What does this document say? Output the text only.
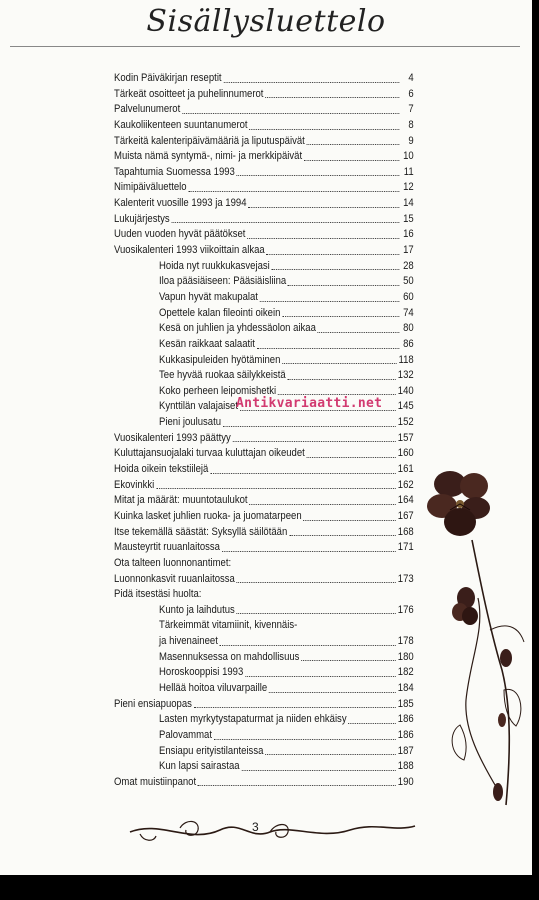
Sisällysluettelo
Kodin Päiväkirjan reseptit	4
Tärkeät osoitteet ja puhelinnumerot	6
Palvelunumerot	7
Kaukoliikenteen suuntanumerot	8
Tärkeitä kalenteripäivämääriä ja liputuspäivät	9
Muista nämä syntymä-, nimi- ja merkkipäivät	10
Tapahtumia Suomessa 1993	11
Nimipäiväluettelo	12
Kalenterit vuosille 1993 ja 1994	14
Lukujärjestys	15
Uuden vuoden hyvät päätökset	16
Vuosikalenteri 1993 viikoittain alkaa	17
Hoida nyt ruukkukasvejasi	28
Iloa pääsiäiseen: Pääsiäisliina	50
Vapun hyvät makupalat	60
Opettele kalan fileointi oikein	74
Kesä on juhlien ja yhdessäolon aikaa	80
Kesän raikkaat salaatit	86
Kukkasipuleiden hyötäminen	118
Tee hyvää ruokaa säilykkeistä	132
Koko perheen leipomishetki	140
Kynttilän valajaiset	145
Pieni joulusatu	152
Vuosikalenteri 1993 päättyy	157
Kuluttajansuojalaki turvaa kuluttajan oikeudet	160
Hoida oikein tekstiilejä	161
Ekovinkki	162
Mitat ja määrät: muuntotaulukot	164
Kuinka lasket juhlien ruoka- ja juomatarpeen	167
Itse tekemällä säästät: Syksyllä säilötään	168
Mausteyrtit ruuanlaitossa	171
Ota talteen luonnonantimet:
Luonnonkasvit ruuanlaitossa	173
Pidä itsestäsi huolta:
Kunto ja laihdutus	176
Tärkeimmät vitamiinit, kivennäis-
ja hivenaineet	178
Masennuksessa on mahdollisuus	180
Horoskooppisi 1993	182
Hellää hoitoa viluvarpaille	184
Pieni ensiapuopas	185
Lasten myrkytystapaturmat ja niiden ehkäisy	186
Palovammat	186
Ensiapu erityistilanteissa	187
Kun lapsi sairastaa	188
Omat muistiinpanot	190
Antikvariaatti.net
3
